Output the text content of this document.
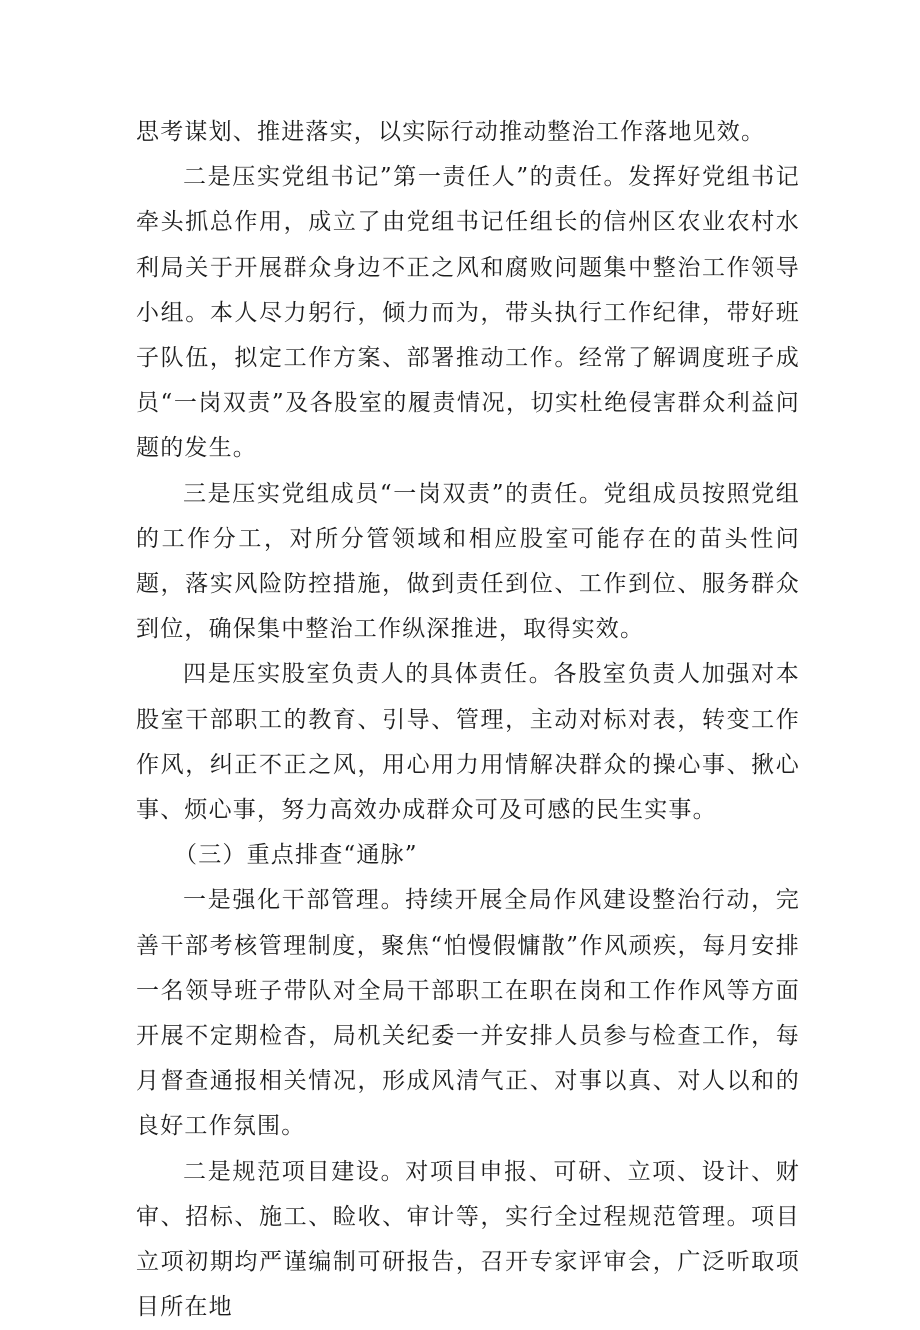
思考谋划、推进落实，以实际行动推动整治工作落地见效。

二是压实党组书记”第一责任人”的责任。发挥好党组书记牵头抓总作用，成立了由党组书记任组长的信州区农业农村水利局关于开展群众身边不正之风和腐败问题集中整治工作领导小组。本人尽力躬行，倾力而为，带头执行工作纪律，带好班子队伍，拟定工作方案、部署推动工作。经常了解调度班子成员“一岗双责”及各股室的履责情况，切实杜绝侵害群众利益问题的发生。

三是压实党组成员“一岗双责”的责任。党组成员按照党组的工作分工，对所分管领域和相应股室可能存在的苗头性问题，落实风险防控措施，做到责任到位、工作到位、服务群众到位，确保集中整治工作纵深推进，取得实效。

四是压实股室负责人的具体责任。各股室负责人加强对本股室干部职工的教育、引导、管理，主动对标对表，转变工作作风，纠正不正之风，用心用力用情解决群众的操心事、揪心事、烦心事，努力高效办成群众可及可感的民生实事。

（三）重点排查“通脉”

一是强化干部管理。持续开展全局作风建设整治行动，完善干部考核管理制度，聚焦“怕慢假慵散”作风顽疾，每月安排一名领导班子带队对全局干部职工在职在岗和工作作风等方面开展不定期检杳，局机关纪委一并安排人员参与检查工作，每月督查通报相关情况，形成风清气正、对事以真、对人以和的良好工作氛围。

二是规范项目建设。对项目申报、可研、立项、设计、财审、招标、施工、睑收、审计等，实行全过程规范管理。项目立项初期均严谨编制可研报告，召开专家评审会，广泛听取项目所在地
